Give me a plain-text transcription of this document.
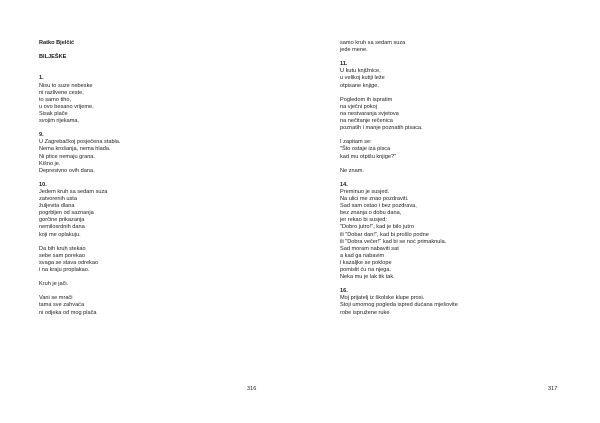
Ratko Bjelčić
BILJEŠKE
1.
Nisu to suze nebeske
ni razlivene ceste,
to samo tiho,
u ovo besano vrijeme,
Sisak plače
svojim rijekama.
9.
U Zagrebačkoj posječena stabla.
Nema krošanja, nema hlada.
Ni ptice nemaju grana.
Kišno je.
Depresivno ovih dana.
10.
Jedem kruh sa sedam suza
zatvorenih usta
žuljevita dlana
pogrbljen od saznanja
gorčine prikazanja
nemilosrdnih dana
koji me oplakuju.
Da bih kruh stekao
sebe sam porekao
svaga se stava odrekao
i na kraju proplakao.
Kruh je jači.
Vani se mrači
tama sve zahvaća
ni odjeka od mog plača
316
samo kruh sa sedam suza
jede mene.
11.
U kutu knjižnice,
u velikoj kutiji leže
otpisane knjige.
Pogledom ih ispratim
na vječni pokoj
na nestvaranja svjetova
na nečitanje rečenica
poznatih i manje poznatih pisaca.
I zapitam se:
"Što ostaje iza pisca
kad mu otpišu knjige?"
Ne znam.
14.
Preminuo je susjed.
Na ulici me znao pozdraviti.
Sad sam ostao i bez pozdrava,
bez znanja o dobu dana,
jer rekao bi susjed:
"Dobro jutro!", kad je bilo jutro
ili "Dobar dan!", kad bi prošlo podne
ili "Dobra večer!" kad bi se noć primaknula.
Sad moram nabaviti sat
a kad ga nabavim
i kazaljke se poklope
pomislit ću na njega.
Neka mu je lak tik tak.
16.
Moj prijatelj iz školske klupe prosi.
Stoji umornog pogleda ispred dućana mješovite
robe ispružene ruke
317
